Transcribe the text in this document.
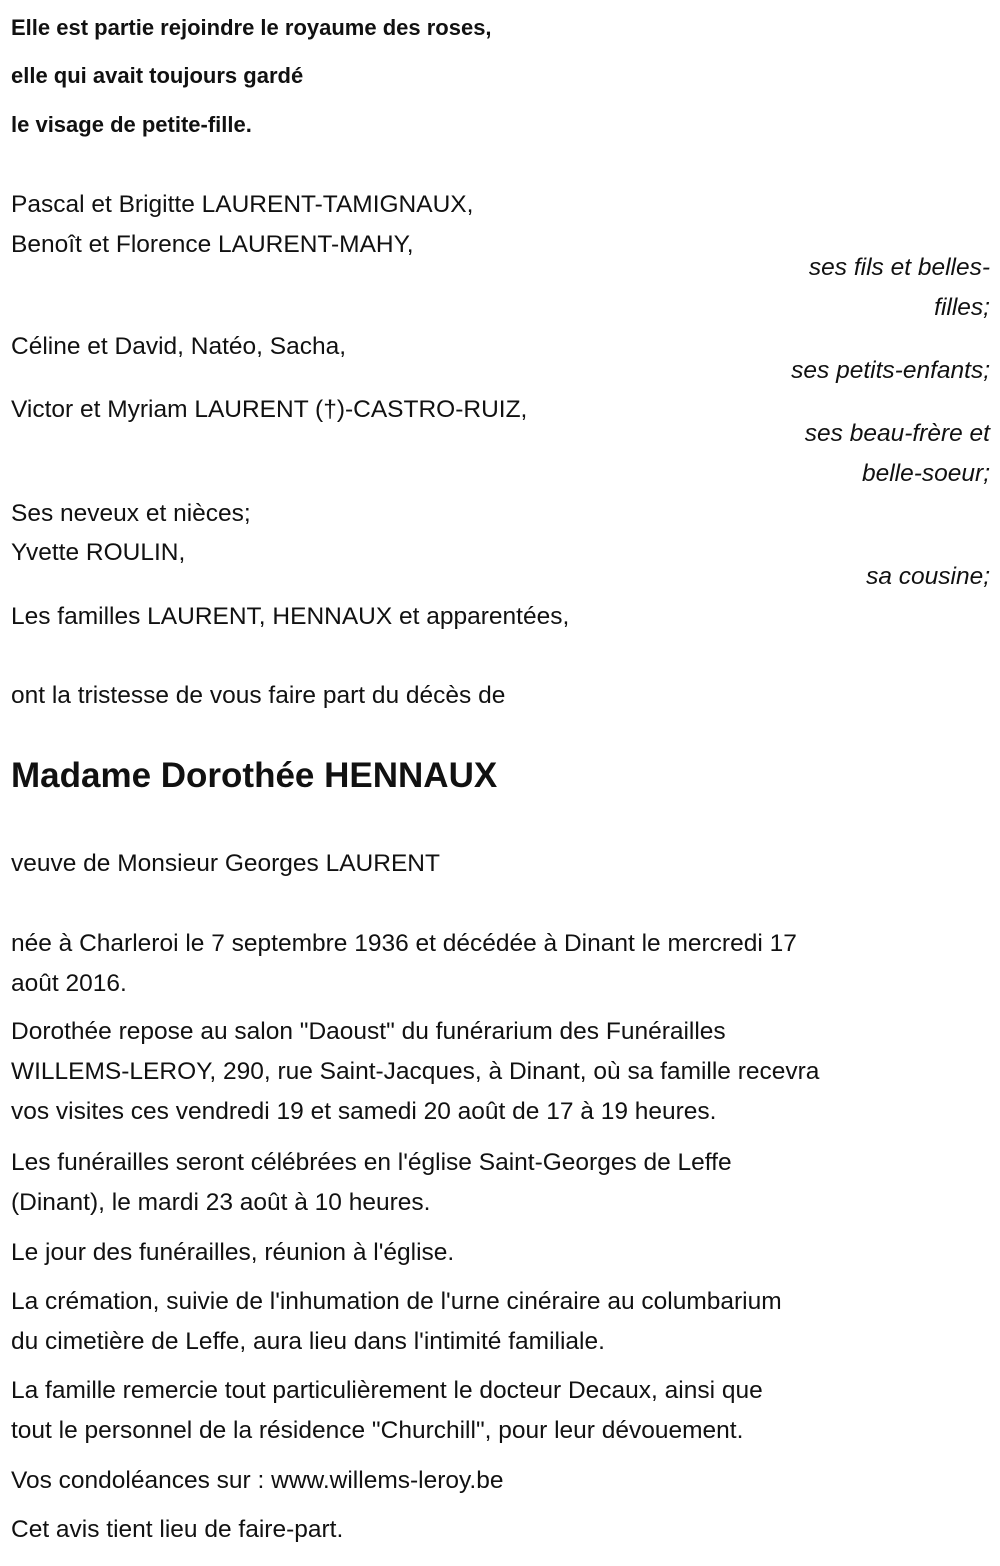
Elle est partie rejoindre le royaume des roses,
elle qui avait toujours gardé
le visage de petite-fille.
Pascal et Brigitte LAURENT-TAMIGNAUX,
Benoît et Florence LAURENT-MAHY,
ses fils et belles-
filles;
Céline et David, Natéo, Sacha,
ses petits-enfants;
Victor et Myriam LAURENT (†)-CASTRO-RUIZ,
ses beau-frère et
belle-soeur;
Ses neveux et nièces;
Yvette ROULIN,
sa cousine;
Les familles LAURENT, HENNAUX et apparentées,
ont la tristesse de vous faire part du décès de
Madame Dorothée HENNAUX
veuve de Monsieur Georges LAURENT
née à Charleroi le 7 septembre 1936 et décédée à Dinant le mercredi 17
août 2016.
Dorothée repose au salon "Daoust" du funérarium des Funérailles
WILLEMS-LEROY, 290, rue Saint-Jacques, à Dinant, où sa famille recevra
vos visites ces vendredi 19 et samedi 20 août de 17 à 19 heures.
Les funérailles seront célébrées en l'église Saint-Georges de Leffe
(Dinant), le mardi 23 août à 10 heures.
Le jour des funérailles, réunion à l'église.
La crémation, suivie de l'inhumation de l'urne cinéraire au columbarium
du cimetière de Leffe, aura lieu dans l'intimité familiale.
La famille remercie tout particulièrement le docteur Decaux, ainsi que
tout le personnel de la résidence "Churchill", pour leur dévouement.
Vos condoléances sur : www.willems-leroy.be
Cet avis tient lieu de faire-part.
